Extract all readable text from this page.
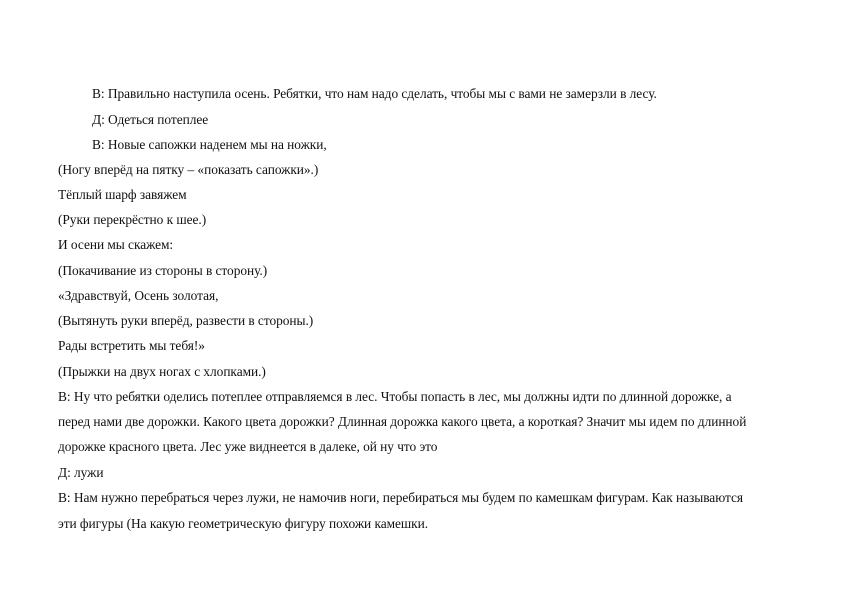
В: Правильно наступила осень. Ребятки, что нам надо сделать, чтобы мы с вами не замерзли в лесу.

Д: Одеться потеплее

В: Новые сапожки наденем мы на ножки,

(Ногу вперёд на пятку – «показать сапожки».)

Тёплый шарф завяжем

(Руки перекрёстно к шее.)

И осени мы скажем:

(Покачивание из стороны в сторону.)

«Здравствуй, Осень золотая,

(Вытянуть руки вперёд, развести в стороны.)

Рады встретить мы тебя!»

(Прыжки на двух ногах с хлопками.)

В: Ну что ребятки оделись потеплее отправляемся в лес. Чтобы попасть в лес, мы должны идти по длинной дорожке, а

перед нами две дорожки. Какого цвета дорожки? Длинная дорожка какого цвета, а короткая? Значит мы идем по длинной

дорожке красного цвета. Лес уже виднеется в далеке, ой ну что это

Д: лужи

В: Нам нужно перебраться через лужи, не намочив ноги, перебираться мы будем по камешкам фигурам. Как называются

эти фигуры (На какую геометрическую фигуру похожи камешки.
